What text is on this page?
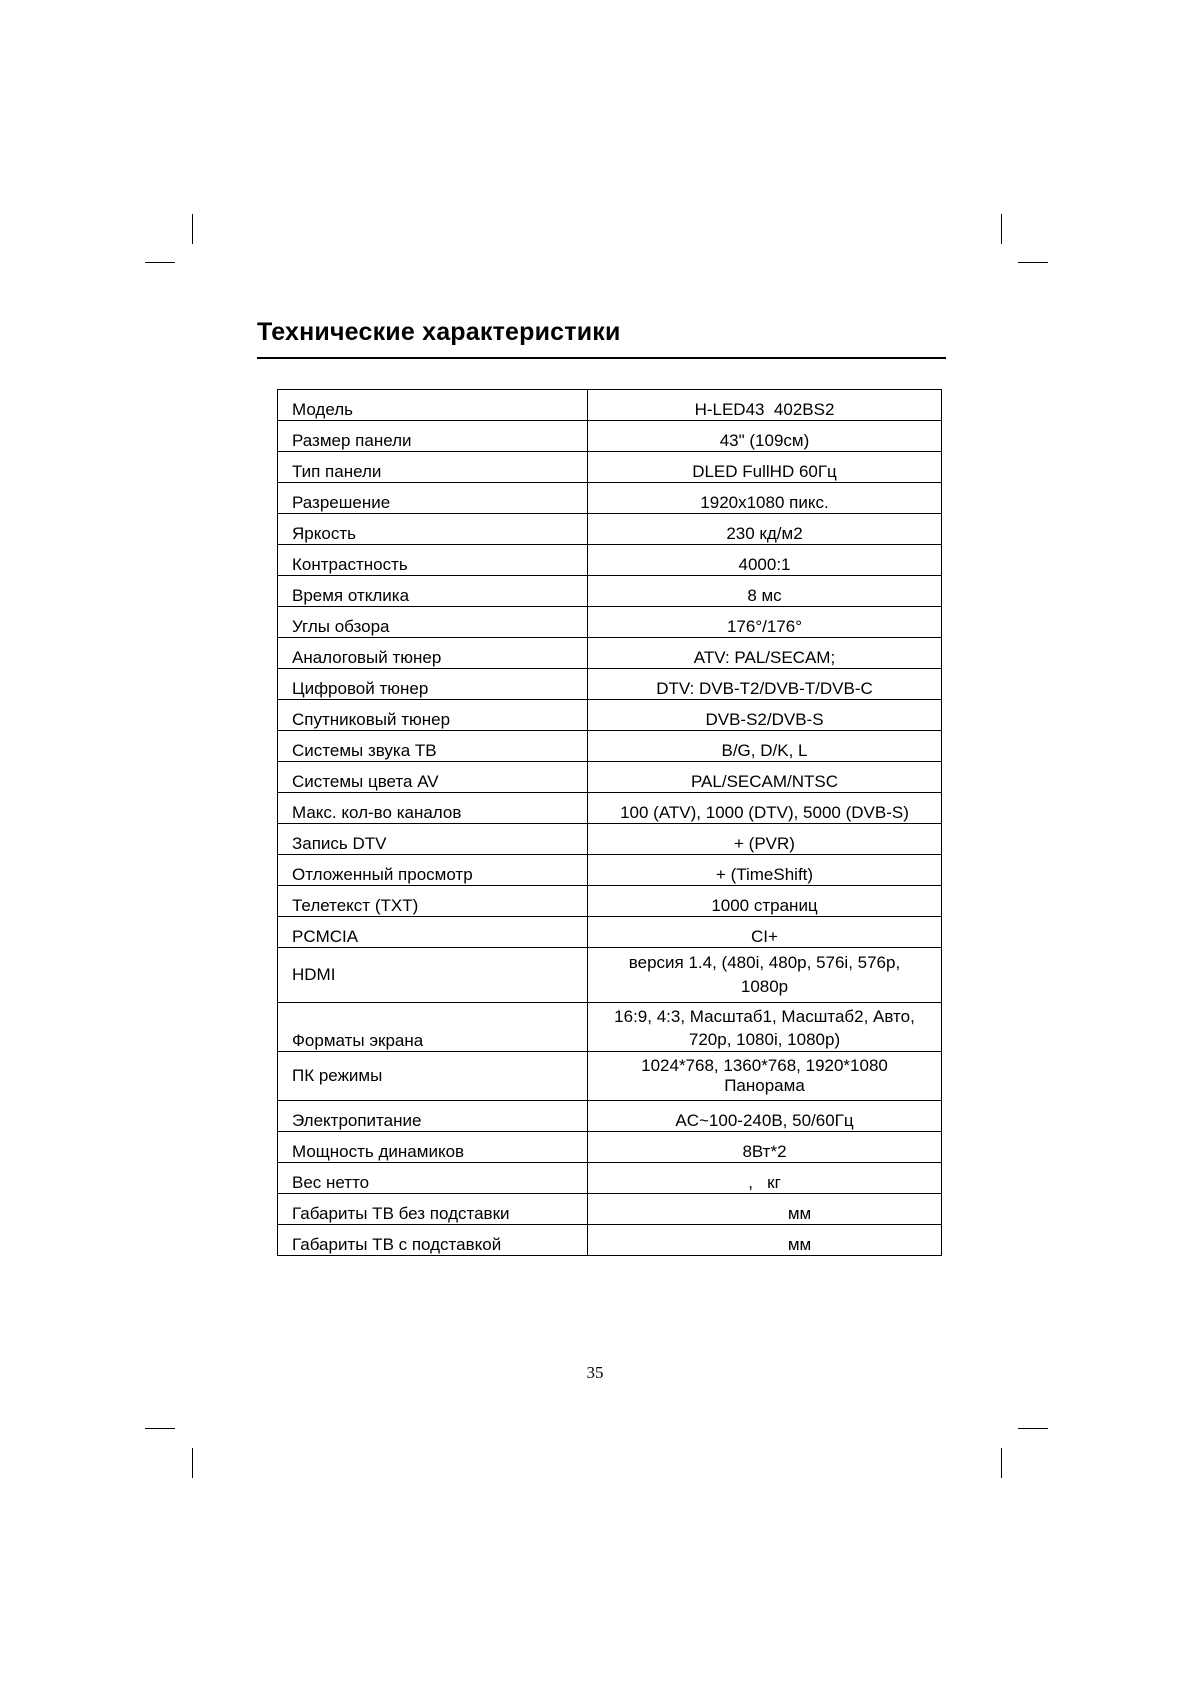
Технические характеристики
Модель	H-LED43  402BS2
Размер панели	43" (109см)
Тип панели	DLED FullHD 60Гц
Разрешение	1920x1080 пикс.
Яркость	230 кд/м2
Контрастность	4000:1
Время отклика	8 мс
Углы обзора	176°/176°
Аналоговый тюнер	ATV: PAL/SECAM;
Цифровой тюнер	DTV: DVB-T2/DVB-T/DVB-C
Спутниковый тюнер	DVB-S2/DVB-S
Системы звука ТВ	B/G, D/K, L
Системы цвета AV	PAL/SECAM/NTSC
Макс. кол-во каналов	100 (ATV), 1000 (DTV), 5000 (DVB-S)
Запись DTV	+ (PVR)
Отложенный просмотр	+ (TimeShift)
Телетекст (TXT)	1000 страниц
PCMCIA	CI+
HDMI	версия 1.4, (480i, 480p, 576i, 576p,
1080p

Форматы экрана	16:9, 4:3, Масштаб1, Масштаб2, Авто,
720p, 1080i, 1080p)

ПК режимы	1024*768, 1360*768, 1920*1080
Панорама

Электропитание	AC~100-240В, 50/60Гц
Мощность динамиков	8Вт*2
Вес нетто	,   кг
Габариты ТВ без подставки	мм
Габариты ТВ с подставкой	мм
35
